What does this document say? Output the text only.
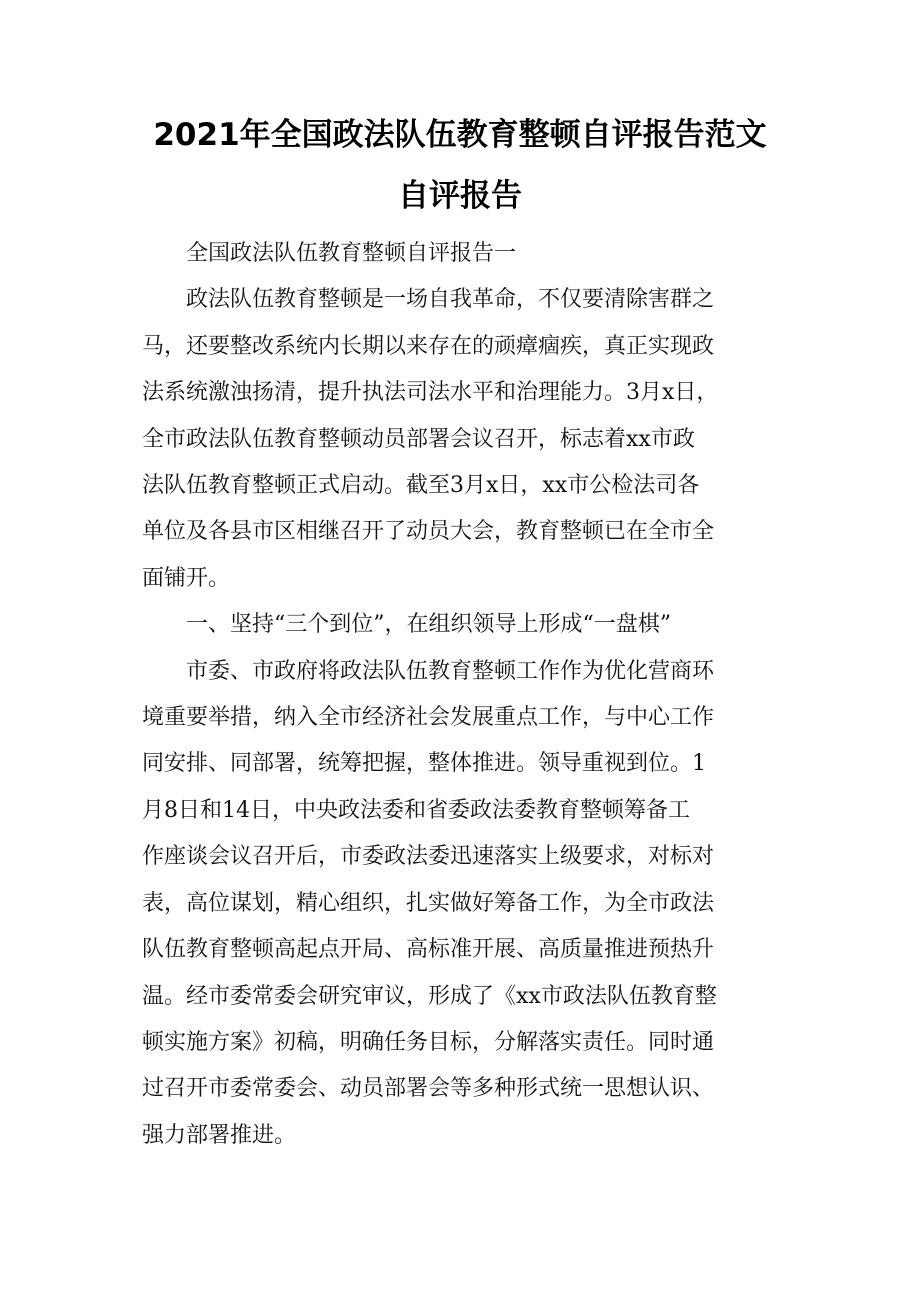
2021年全国政法队伍教育整顿自评报告范文
自评报告

全国政法队伍教育整顿自评报告一

政法队伍教育整顿是一场自我革命，不仅要清除害群之
马，还要整改系统内长期以来存在的顽瘴痼疾，真正实现政
法系统激浊扬清，提升执法司法水平和治理能力。3月x日，
全市政法队伍教育整顿动员部署会议召开，标志着xx市政
法队伍教育整顿正式启动。截至3月x日，xx市公检法司各
单位及各县市区相继召开了动员大会，教育整顿已在全市全
面铺开。

一、坚持“三个到位”，在组织领导上形成“一盘棋”

市委、市政府将政法队伍教育整顿工作作为优化营商环
境重要举措，纳入全市经济社会发展重点工作，与中心工作
同安排、同部署，统筹把握，整体推进。领导重视到位。1
月8日和14日，中央政法委和省委政法委教育整顿筹备工
作座谈会议召开后，市委政法委迅速落实上级要求，对标对
表，高位谋划，精心组织，扎实做好筹备工作，为全市政法
队伍教育整顿高起点开局、高标准开展、高质量推进预热升
温。经市委常委会研究审议，形成了《xx市政法队伍教育整
顿实施方案》初稿，明确任务目标，分解落实责任。同时通
过召开市委常委会、动员部署会等多种形式统一思想认识、
强力部署推进。
